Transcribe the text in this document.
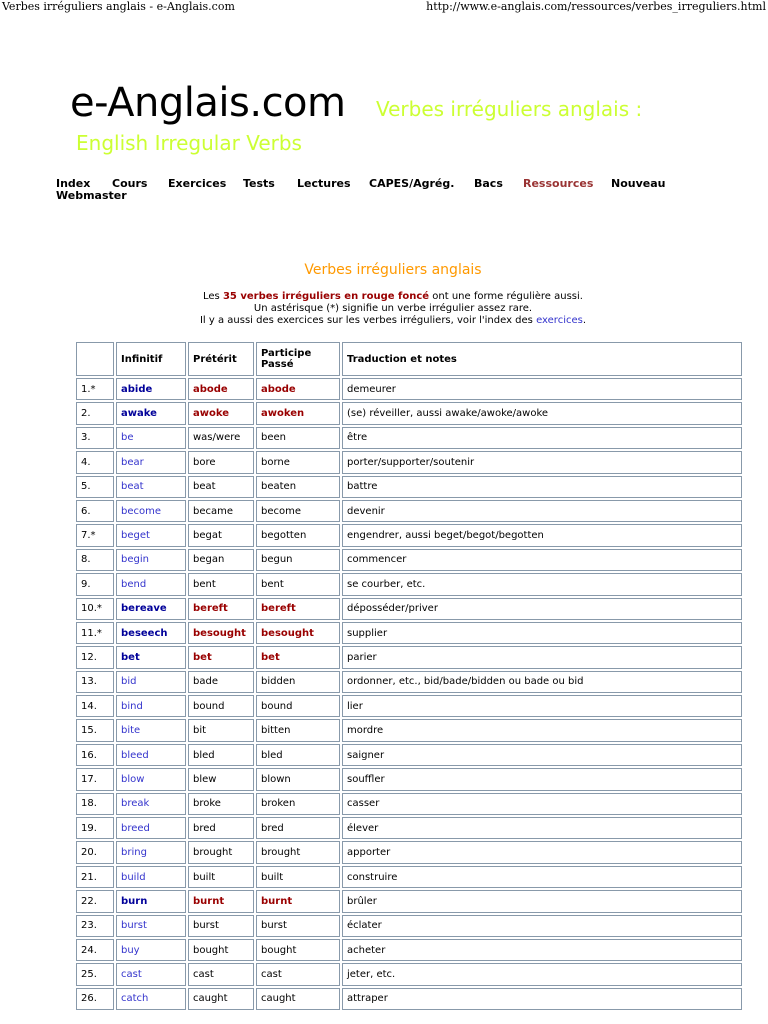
Verbes irréguliers anglais - e-Anglais.com	http://www.e-anglais.com/ressources/verbes_irreguliers.html
e-Anglais.com Verbes irréguliers anglais :
English Irregular Verbs
Index Cours Exercices Tests Lectures CAPES/Agrég. Bacs Ressources Nouveau
Webmaster
Verbes irréguliers anglais
Les 35 verbes irréguliers en rouge foncé ont une forme régulière aussi.
Un astérisque (*) signifie un verbe irrégulier assez rare.
Il y a aussi des exercices sur les verbes irréguliers, voir l'index des exercices.
	Infinitif	Prétérit	Participe Passé	Traduction et notes
1.*	abide	abode	abode	demeurer
2.	awake	awoke	awoken	(se) réveiller, aussi awake/awoke/awoke
3.	be	was/were	been	être
4.	bear	bore	borne	porter/supporter/soutenir
5.	beat	beat	beaten	battre
6.	become	became	become	devenir
7.*	beget	begat	begotten	engendrer, aussi beget/begot/begotten
8.	begin	began	begun	commencer
9.	bend	bent	bent	se courber, etc.
10.*	bereave	bereft	bereft	déposséder/priver
11.*	beseech	besought	besought	supplier
12.	bet	bet	bet	parier
13.	bid	bade	bidden	ordonner, etc., bid/bade/bidden ou bade ou bid
14.	bind	bound	bound	lier
15.	bite	bit	bitten	mordre
16.	bleed	bled	bled	saigner
17.	blow	blew	blown	souffler
18.	break	broke	broken	casser
19.	breed	bred	bred	élever
20.	bring	brought	brought	apporter
21.	build	built	built	construire
22.	burn	burnt	burnt	brûler
23.	burst	burst	burst	éclater
24.	buy	bought	bought	acheter
25.	cast	cast	cast	jeter, etc.
26.	catch	caught	caught	attraper
